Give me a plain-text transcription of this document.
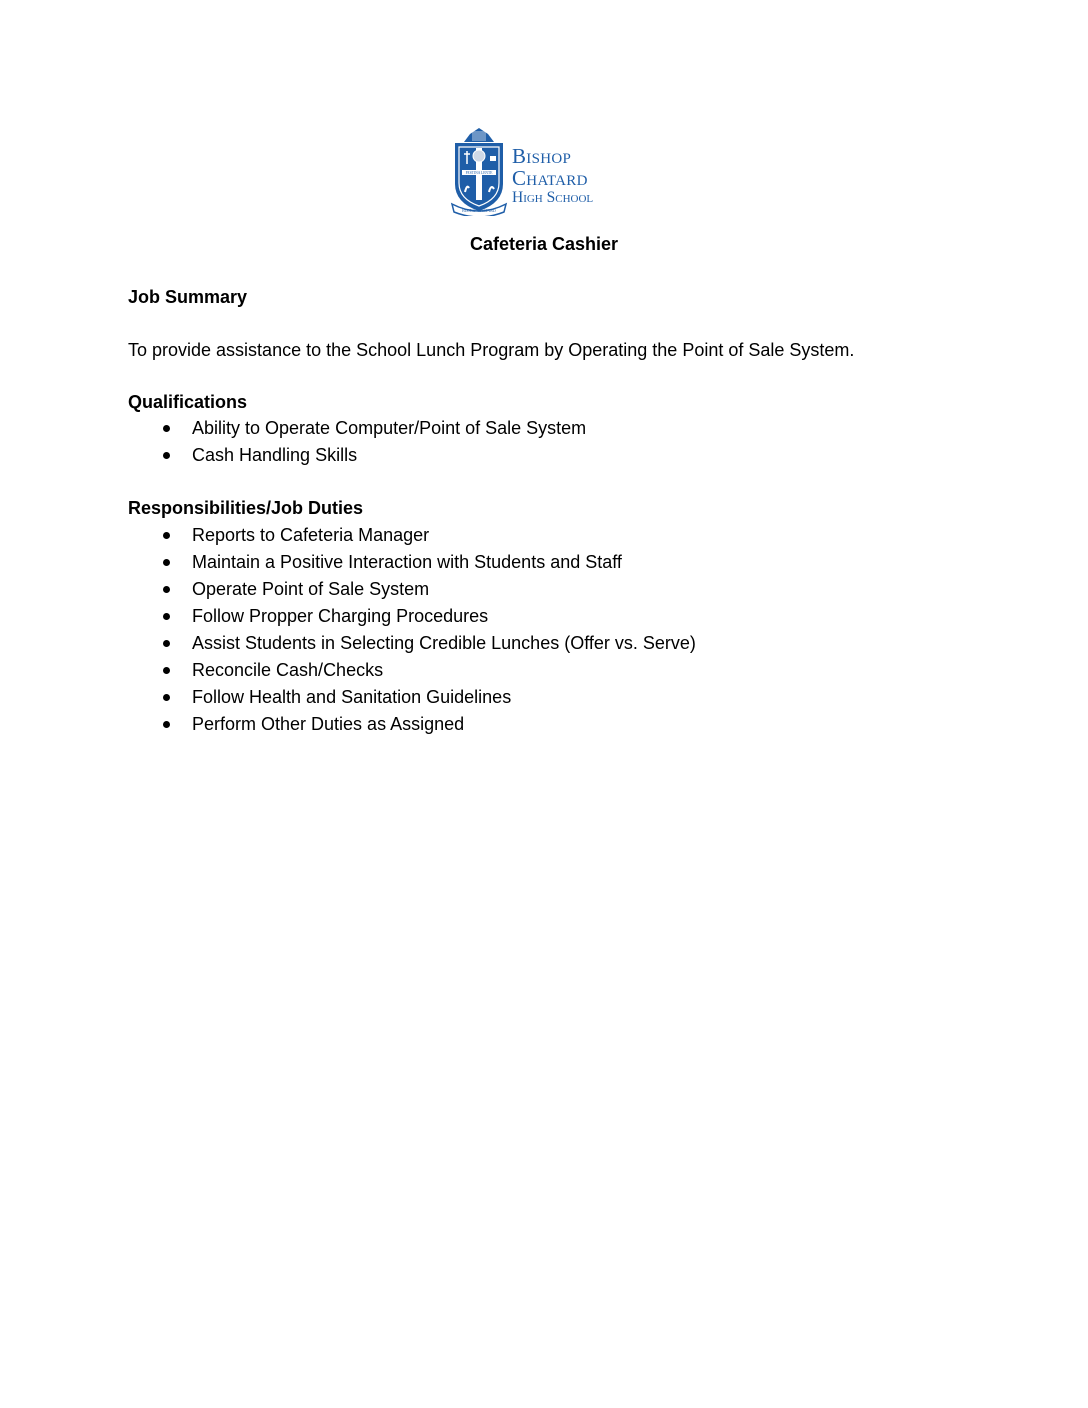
FESTINA LENTE
BISHOP CHATARD
Bishop
Chatard
High School
Cafeteria Cashier
Job Summary
To provide assistance to the School Lunch Program by Operating the Point of Sale System.
Qualifications
Ability to Operate Computer/Point of Sale System
Cash Handling Skills
Responsibilities/Job Duties
Reports to Cafeteria Manager
Maintain a Positive Interaction with Students and Staff
Operate Point of Sale System
Follow Propper Charging Procedures
Assist Students in Selecting Credible Lunches (Offer vs. Serve)
Reconcile Cash/Checks
Follow Health and Sanitation Guidelines
Perform Other Duties as Assigned
